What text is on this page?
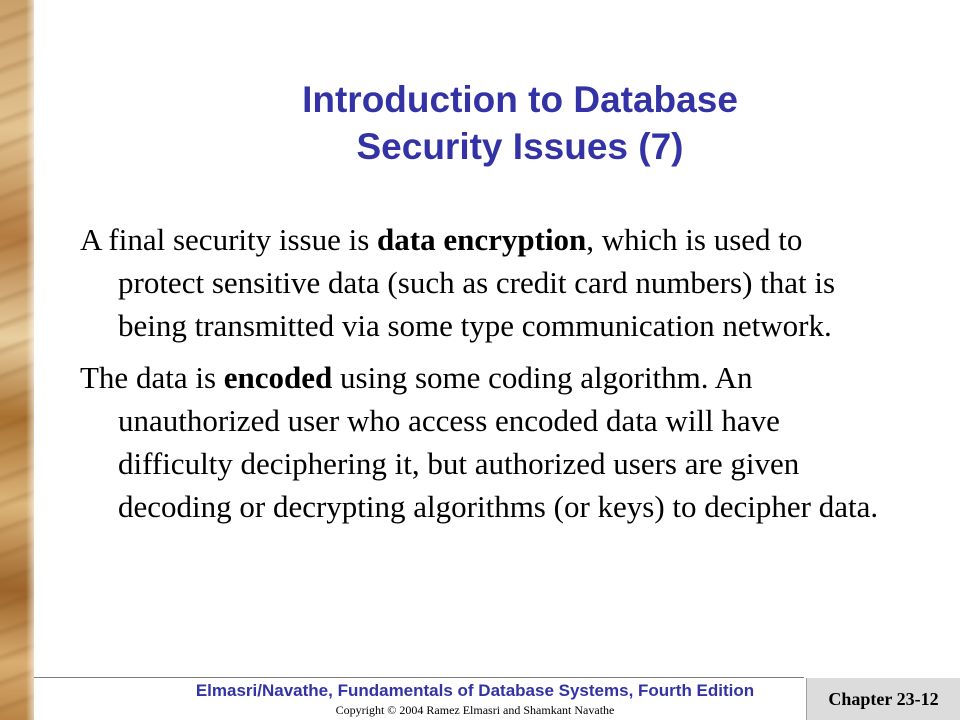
Introduction to Database
Security Issues (7)

A final security issue is data encryption, which is used to protect sensitive data (such as credit card numbers) that is being transmitted via some type communication network.

The data is encoded using some coding algorithm. An unauthorized user who access encoded data will have difficulty deciphering it, but authorized users are given decoding or decrypting algorithms (or keys) to decipher data.

Elmasri/Navathe, Fundamentals of Database Systems, Fourth Edition
Copyright © 2004 Ramez Elmasri and Shamkant Navathe
Chapter 23-12
